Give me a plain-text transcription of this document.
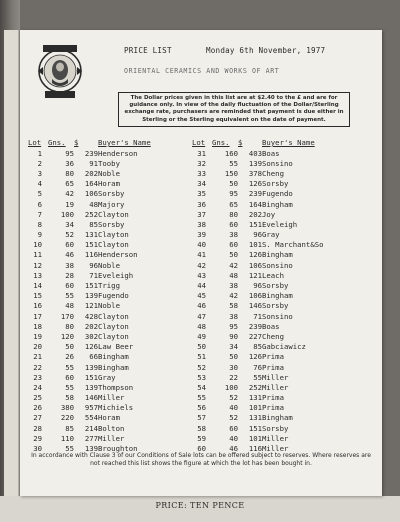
PRICE LIST	Monday 6th November, 1977
ORIENTAL CERAMICS AND WORKS OF ART
The Dollar prices given in this list are at $2.40 to the £ and are for guidance only. In view of the daily fluctuation of the Dollar/Sterling exchange rate, purchasers are reminded that payment is due either in Sterling or the Sterling equivalent on the date of payment.
Lot	Gns.	$	Buyer's Name	Lot	Gns.	$	Buyer's Name
1	95	239	Henderson	31	160	403	Boas
2	36	91	Tooby	32	55	139	Sonsino
3	80	202	Noble	33	150	378	Cheng
4	65	164	Horam	34	50	126	Sorsby
5	42	106	Sorsby	35	95	239	Fugendo
6	19	48	Majory	36	65	164	Bingham
7	100	252	Clayton	37	80	202	Joy
8	34	85	Sorsby	38	60	151	Eveleigh
9	52	131	Clayton	39	38	96	Gray
10	60	151	Clayton	40	60	101	S. Marchant&So
11	46	116	Henderson	41	50	126	Bingham
12	38	96	Noble	42	42	106	Sonsino
13	28	71	Eveleigh	43	48	121	Leach
14	60	151	Trigg	44	38	96	Sorsby
15	55	139	Fugendo	45	42	106	Bingham
16	48	121	Noble	46	58	146	Sorsby
17	170	428	Clayton	47	38	71	Sonsino
18	80	202	Clayton	48	95	239	Boas
19	120	302	Clayton	49	90	227	Cheng
20	50	126	Law Beer	50	34	85	Gabciawicz
21	26	66	Bingham	51	50	126	Prima
22	55	139	Bingham	52	30	76	Prima
23	60	151	Gray	53	22	55	Miller
24	55	139	Thompson	54	100	252	Miller
25	58	146	Miller	55	52	131	Prima
26	380	957	Michiels	56	40	101	Prima
27	220	554	Horam	57	52	131	Bingham
28	85	214	Bolton	58	60	151	Sorsby
29	110	277	Miller	59	40	101	Miller
30	55	139	Broughton	60	46	116	Miller
In accordance with Clause 3 of our Conditions of Sale lots can be offered subject to reserves. Where reserves are not reached this list shows the figure at which the lot has been bought in.
PRICE: TEN PENCE
